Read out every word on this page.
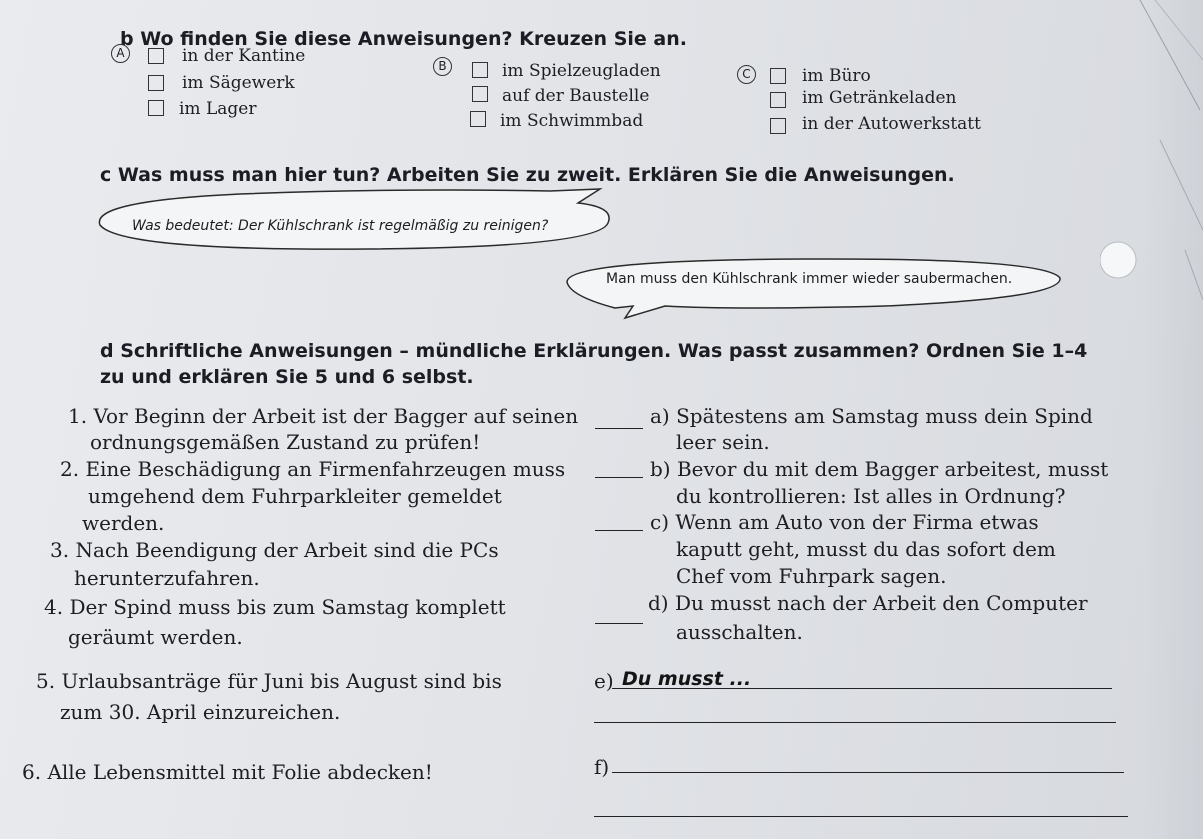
b Wo finden Sie diese Anweisungen? Kreuzen Sie an.
A	in der Kantine
im Sägewerk
im Lager
B	im Spielzeugladen
auf der Baustelle
im Schwimmbad
C	im Büro
im Getränkeladen
in der Autowerkstatt
c Was muss man hier tun? Arbeiten Sie zu zweit. Erklären Sie die Anweisungen.
Was bedeutet: Der Kühlschrank ist regelmäßig zu reinigen?
Man muss den Kühlschrank immer wieder saubermachen.
d Schriftliche Anweisungen – mündliche Erklärungen. Was passt zusammen? Ordnen Sie 1–4
zu und erklären Sie 5 und 6 selbst.
1. Vor Beginn der Arbeit ist der Bagger auf seinen
ordnungsgemäßen Zustand zu prüfen!
2. Eine Beschädigung an Firmenfahrzeugen muss
umgehend dem Fuhrparkleiter gemeldet
werden.
3. Nach Beendigung der Arbeit sind die PCs
herunterzufahren.
4. Der Spind muss bis zum Samstag komplett
geräumt werden.
5. Urlaubsanträge für Juni bis August sind bis
zum 30. April einzureichen.
6. Alle Lebensmittel mit Folie abdecken!
a) Spätestens am Samstag muss dein Spind
leer sein.
b) Bevor du mit dem Bagger arbeitest, musst
du kontrollieren: Ist alles in Ordnung?
c) Wenn am Auto von der Firma etwas
kaputt geht, musst du das sofort dem
Chef vom Fuhrpark sagen.
d) Du musst nach der Arbeit den Computer
ausschalten.
e) Du musst ...
f)
